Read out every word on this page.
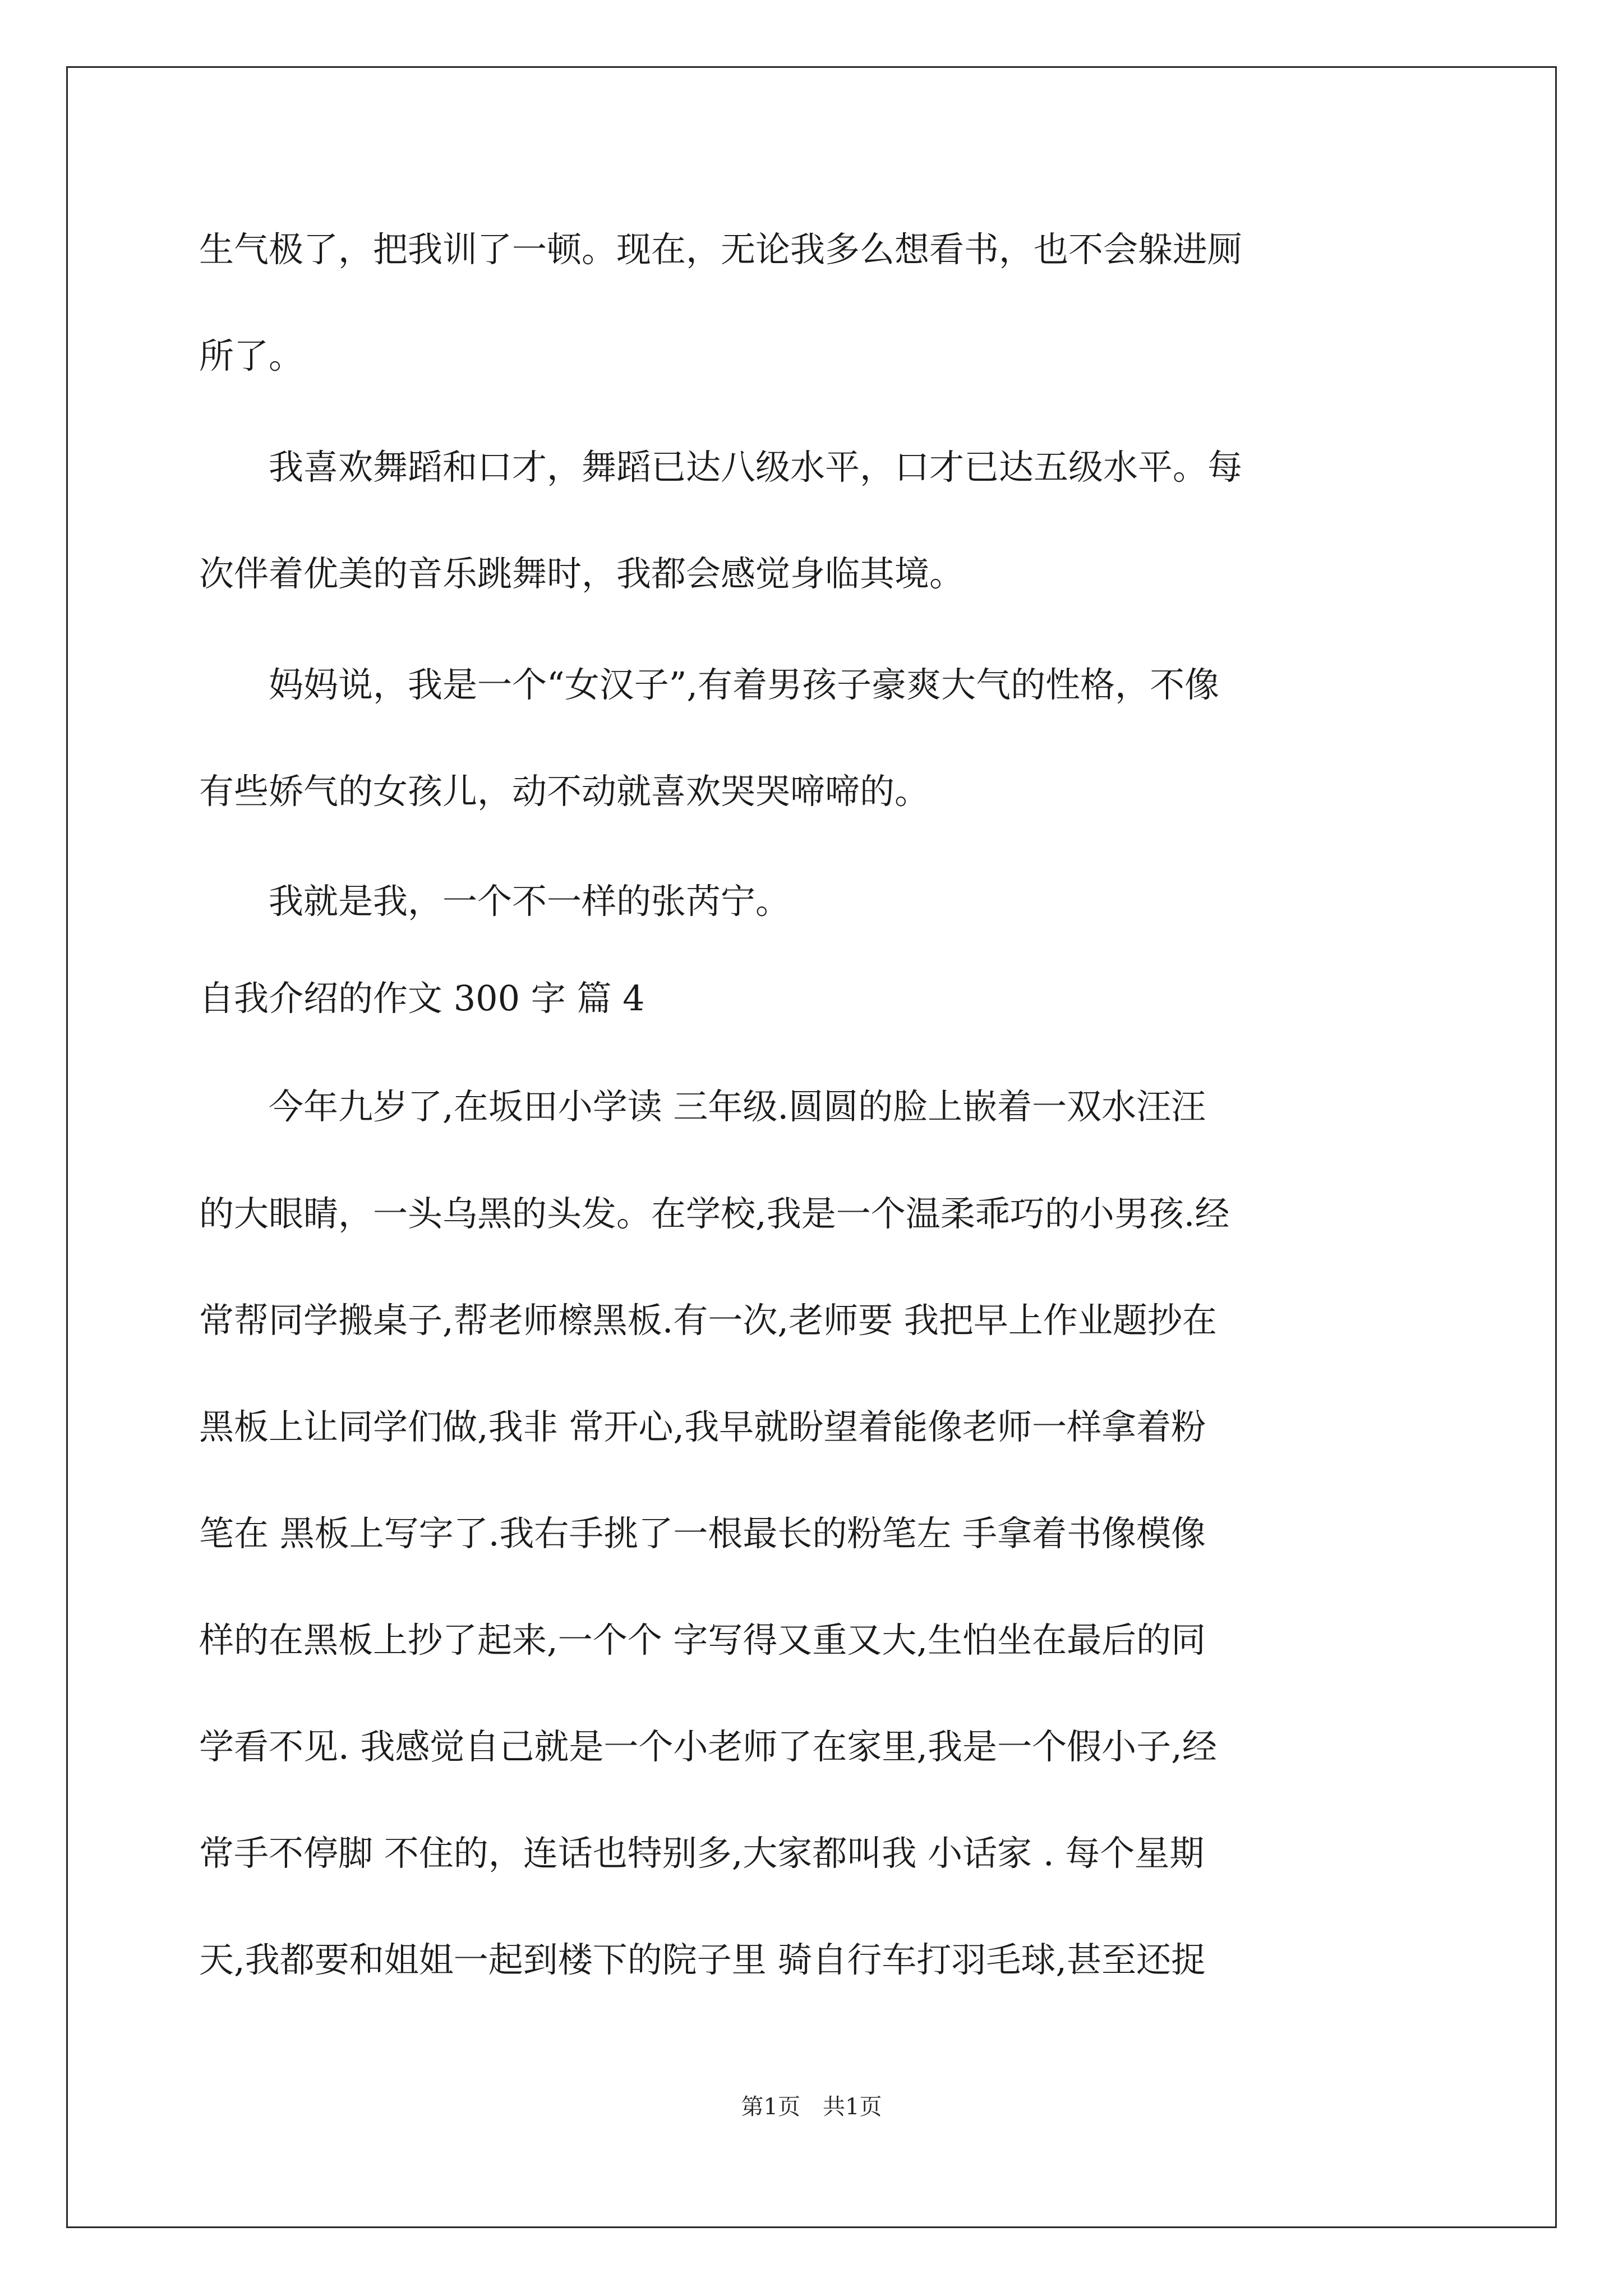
生气极了，把我训了一顿。现在，无论我多么想看书，也不会躲进厕
所了。
　　我喜欢舞蹈和口才，舞蹈已达八级水平，口才已达五级水平。每
次伴着优美的音乐跳舞时，我都会感觉身临其境。
　　妈妈说，我是一个“女汉子”,有着男孩子豪爽大气的性格，不像
有些娇气的女孩儿，动不动就喜欢哭哭啼啼的。
　　我就是我，一个不一样的张芮宁。
自我介绍的作文 300 字 篇 4
　　今年九岁了,在坂田小学读 三年级.圆圆的脸上嵌着一双水汪汪
的大眼睛，一头乌黑的头发。在学校,我是一个温柔乖巧的小男孩.经
常帮同学搬桌子,帮老师檫黑板.有一次,老师要 我把早上作业题抄在
黑板上让同学们做,我非 常开心,我早就盼望着能像老师一样拿着粉
笔在 黑板上写字了.我右手挑了一根最长的粉笔左 手拿着书像模像
样的在黑板上抄了起来,一个个 字写得又重又大,生怕坐在最后的同
学看不见. 我感觉自己就是一个小老师了在家里,我是一个假小子,经
常手不停脚 不住的，连话也特别多,大家都叫我 小话家 . 每个星期
天,我都要和姐姐一起到楼下的院子里 骑自行车打羽毛球,甚至还捉
第1页　共1页
